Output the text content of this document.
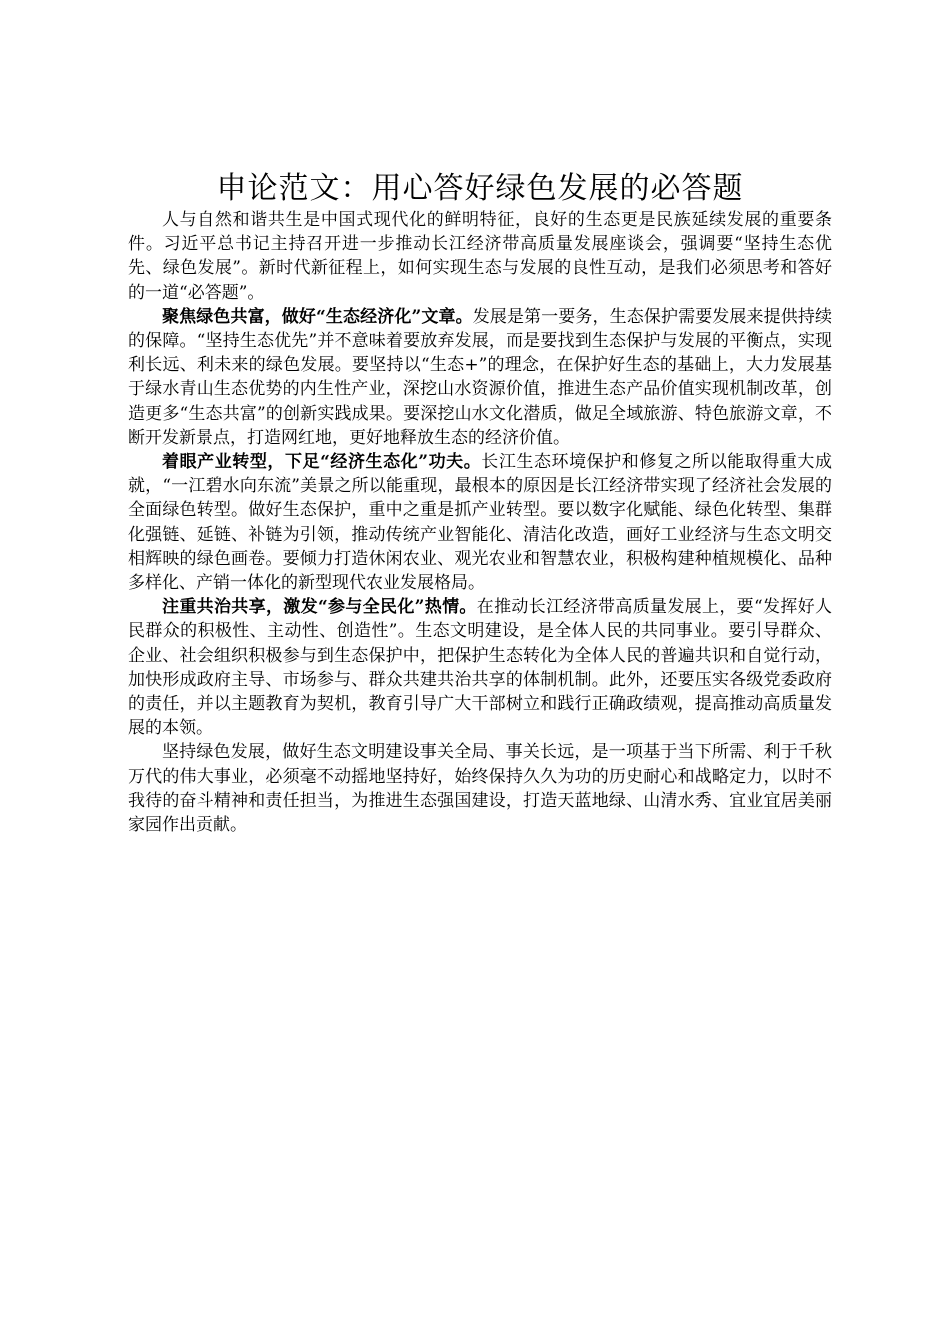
申论范文：用心答好绿色发展的必答题

人与自然和谐共生是中国式现代化的鲜明特征，良好的生态更是民族延续发展的重要条件。习近平总书记主持召开进一步推动长江经济带高质量发展座谈会，强调要“坚持生态优先、绿色发展”。新时代新征程上，如何实现生态与发展的良性互动，是我们必须思考和答好的一道“必答题”。

聚焦绿色共富，做好“生态经济化”文章。发展是第一要务，生态保护需要发展来提供持续的保障。“坚持生态优先”并不意味着要放弃发展，而是要找到生态保护与发展的平衡点，实现利长远、利未来的绿色发展。要坚持以“生态+”的理念，在保护好生态的基础上，大力发展基于绿水青山生态优势的内生性产业，深挖山水资源价值，推进生态产品价值实现机制改革，创造更多“生态共富”的创新实践成果。要深挖山水文化潜质，做足全域旅游、特色旅游文章，不断开发新景点，打造网红地，更好地释放生态的经济价值。

着眼产业转型，下足“经济生态化”功夫。长江生态环境保护和修复之所以能取得重大成就，“一江碧水向东流”美景之所以能重现，最根本的原因是长江经济带实现了经济社会发展的全面绿色转型。做好生态保护，重中之重是抓产业转型。要以数字化赋能、绿色化转型、集群化强链、延链、补链为引领，推动传统产业智能化、清洁化改造，画好工业经济与生态文明交相辉映的绿色画卷。要倾力打造休闲农业、观光农业和智慧农业，积极构建种植规模化、品种多样化、产销一体化的新型现代农业发展格局。

注重共治共享，激发“参与全民化”热情。在推动长江经济带高质量发展上，要“发挥好人民群众的积极性、主动性、创造性”。生态文明建设，是全体人民的共同事业。要引导群众、企业、社会组织积极参与到生态保护中，把保护生态转化为全体人民的普遍共识和自觉行动，加快形成政府主导、市场参与、群众共建共治共享的体制机制。此外，还要压实各级党委政府的责任，并以主题教育为契机，教育引导广大干部树立和践行正确政绩观，提高推动高质量发展的本领。

坚持绿色发展，做好生态文明建设事关全局、事关长远，是一项基于当下所需、利于千秋万代的伟大事业，必须毫不动摇地坚持好，始终保持久久为功的历史耐心和战略定力，以时不我待的奋斗精神和责任担当，为推进生态强国建设，打造天蓝地绿、山清水秀、宜业宜居美丽家园作出贡献。
